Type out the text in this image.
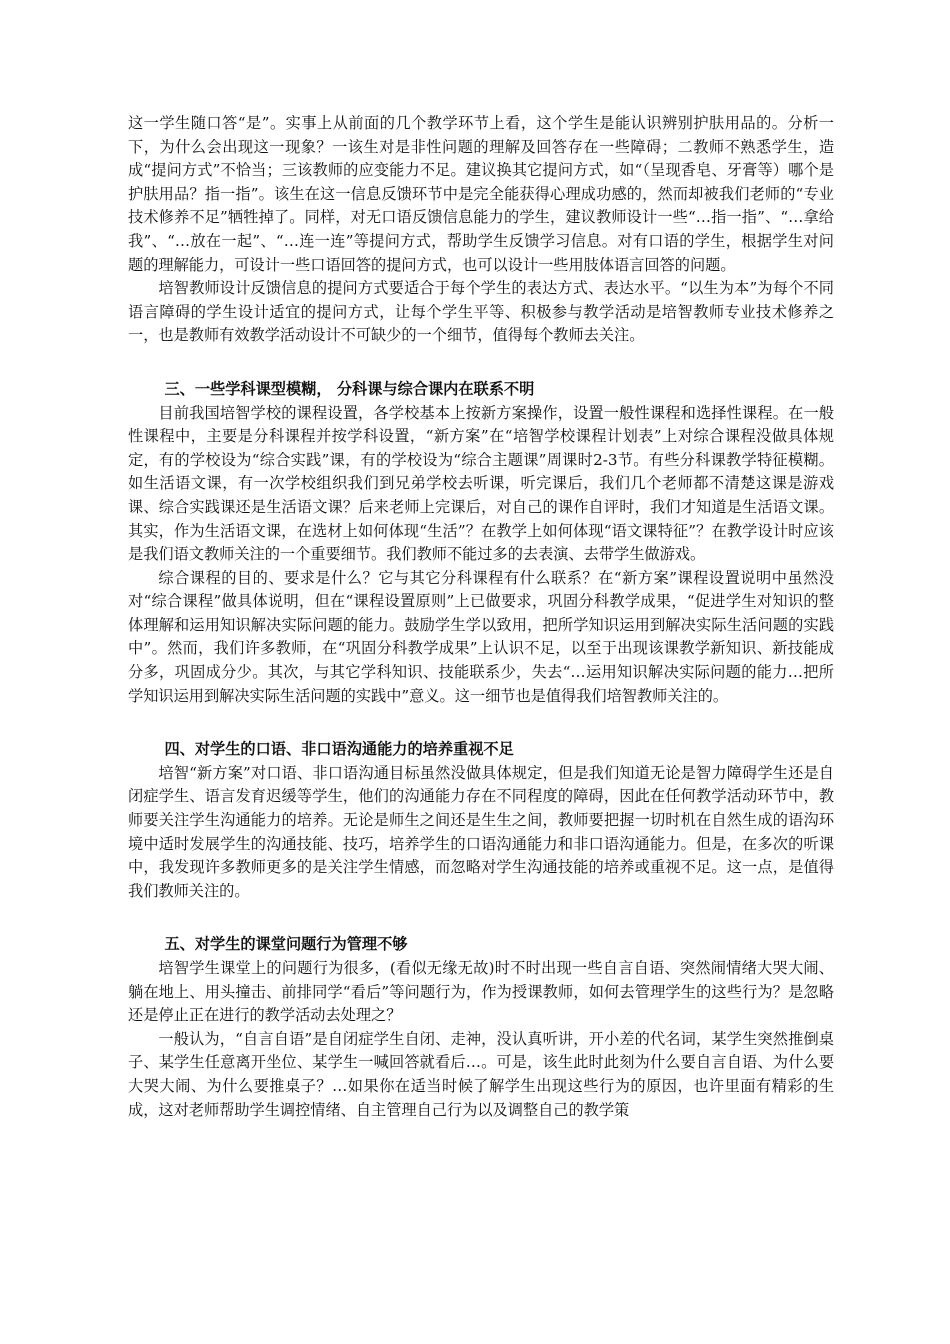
这一学生随口答“是”。实事上从前面的几个教学环节上看，这个学生是能认识辨别护肤用品的。分析一下，为什么会出现这一现象？一该生对是非性问题的理解及回答存在一些障碍；二教师不熟悉学生，造成“提问方式”不恰当；三该教师的应变能力不足。建议换其它提问方式，如“（呈现香皂、牙膏等）哪个是护肤用品？指一指”。该生在这一信息反馈环节中是完全能获得心理成功感的，然而却被我们老师的“专业技术修养不足”牺牲掉了。同样，对无口语反馈信息能力的学生，建议教师设计一些“…指一指”、“…拿给我”、“…放在一起”、“…连一连”等提问方式，帮助学生反馈学习信息。对有口语的学生，根据学生对问题的理解能力，可设计一些口语回答的提问方式，也可以设计一些用肢体语言回答的问题。

培智教师设计反馈信息的提问方式要适合于每个学生的表达方式、表达水平。“以生为本”为每个不同语言障碍的学生设计适宜的提问方式，让每个学生平等、积极参与教学活动是培智教师专业技术修养之一，也是教师有效教学活动设计不可缺少的一个细节，值得每个教师去关注。

三、一些学科课型模糊， 分科课与综合课内在联系不明

目前我国培智学校的课程设置，各学校基本上按新方案操作，设置一般性课程和选择性课程。在一般性课程中，主要是分科课程并按学科设置，“新方案”在“培智学校课程计划表”上对综合课程没做具体规定，有的学校设为“综合实践”课，有的学校设为“综合主题课”周课时2-3节。有些分科课教学特征模糊。如生活语文课，有一次学校组织我们到兄弟学校去听课，听完课后，我们几个老师都不清楚这课是游戏课、综合实践课还是生活语文课？后来老师上完课后，对自己的课作自评时，我们才知道是生活语文课。其实，作为生活语文课，在选材上如何体现“生活”？在教学上如何体现“语文课特征”？在教学设计时应该是我们语文教师关注的一个重要细节。我们教师不能过多的去表演、去带学生做游戏。

综合课程的目的、要求是什么？它与其它分科课程有什么联系？在“新方案”课程设置说明中虽然没对“综合课程”做具体说明，但在“课程设置原则”上已做要求，巩固分科教学成果，“促进学生对知识的整体理解和运用知识解决实际问题的能力。鼓励学生学以致用，把所学知识运用到解决实际生活问题的实践中”。然而，我们许多教师，在“巩固分科教学成果”上认识不足，以至于出现该课教学新知识、新技能成分多，巩固成分少。其次，与其它学科知识、技能联系少，失去“…运用知识解决实际问题的能力…把所学知识运用到解决实际生活问题的实践中”意义。这一细节也是值得我们培智教师关注的。

四、对学生的口语、非口语沟通能力的培养重视不足

培智“新方案”对口语、非口语沟通目标虽然没做具体规定，但是我们知道无论是智力障碍学生还是自闭症学生、语言发育迟缓等学生，他们的沟通能力存在不同程度的障碍，因此在任何教学活动环节中，教师要关注学生沟通能力的培养。无论是师生之间还是生生之间，教师要把握一切时机在自然生成的语沟环境中适时发展学生的沟通技能、技巧，培养学生的口语沟通能力和非口语沟通能力。但是，在多次的听课中，我发现许多教师更多的是关注学生情感，而忽略对学生沟通技能的培养或重视不足。这一点，是值得我们教师关注的。

五、对学生的课堂问题行为管理不够

培智学生课堂上的问题行为很多，(看似无缘无故)时不时出现一些自言自语、突然闹情绪大哭大闹、躺在地上、用头撞击、前排同学“看后”等问题行为，作为授课教师，如何去管理学生的这些行为？是忽略还是停止正在进行的教学活动去处理之？

一般认为，“自言自语”是自闭症学生自闭、走神，没认真听讲，开小差的代名词，某学生突然推倒桌子、某学生任意离开坐位、某学生一喊回答就看后…。可是，该生此时此刻为什么要自言自语、为什么要大哭大闹、为什么要推桌子？…如果你在适当时候了解学生出现这些行为的原因，也许里面有精彩的生成，这对老师帮助学生调控情绪、自主管理自己行为以及调整自己的教学策
